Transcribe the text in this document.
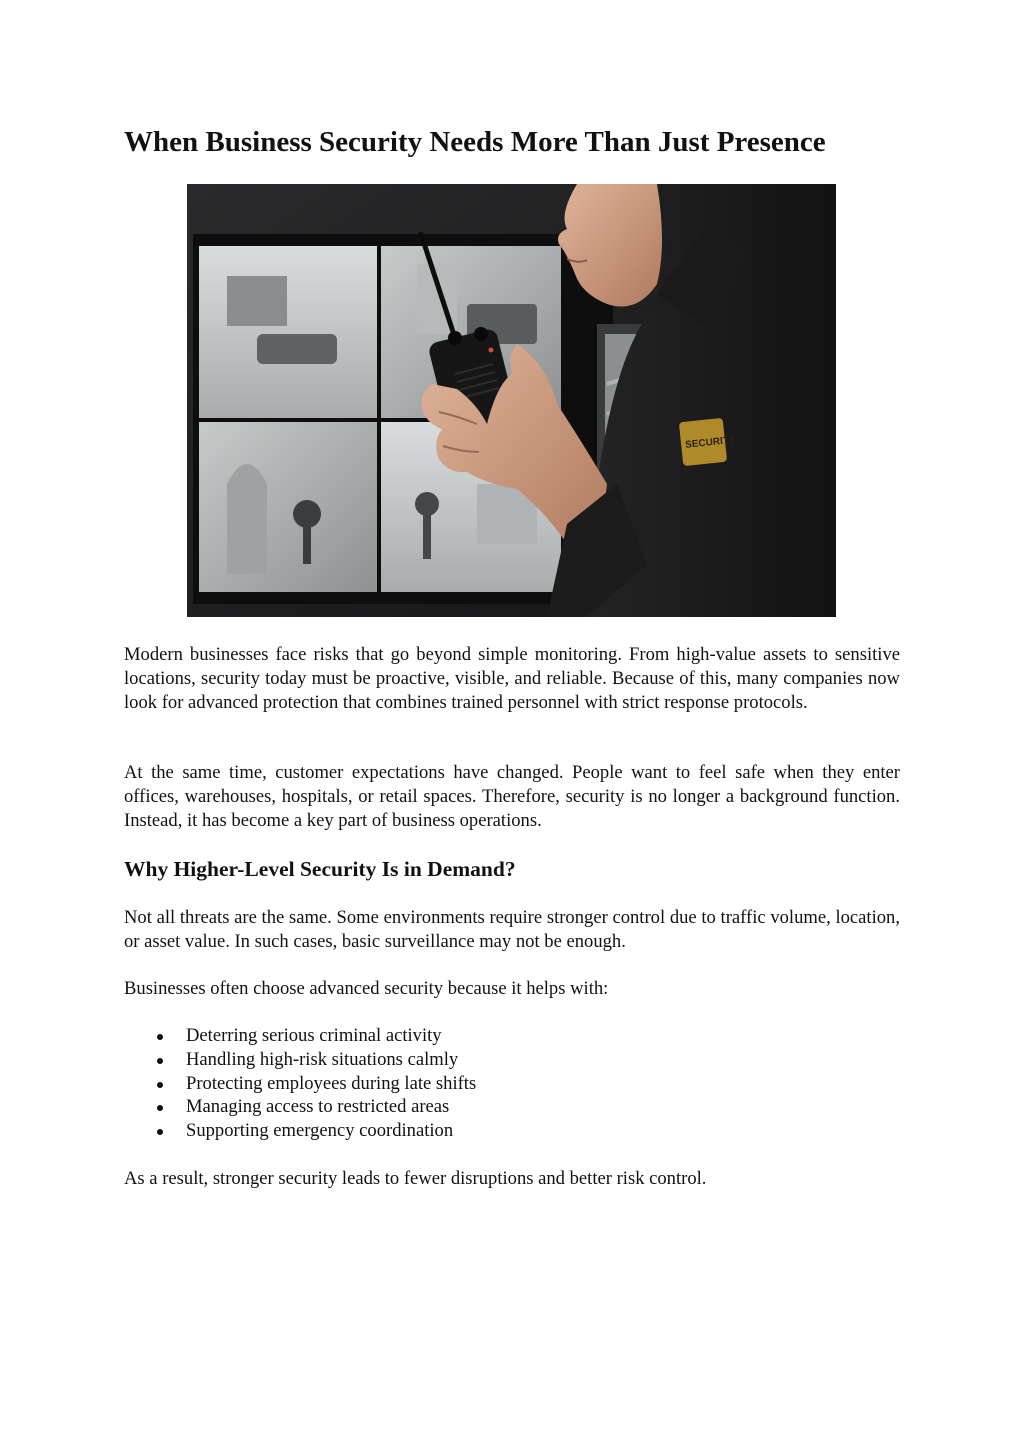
When Business Security Needs More Than Just Presence
SECURITY

Modern businesses face risks that go beyond simple monitoring. From high-value assets to sensitive locations, security today must be proactive, visible, and reliable. Because of this, many companies now look for advanced protection that combines trained personnel with strict response protocols.

At the same time, customer expectations have changed. People want to feel safe when they enter offices, warehouses, hospitals, or retail spaces. Therefore, security is no longer a background function. Instead, it has become a key part of business operations.

Why Higher-Level Security Is in Demand?

Not all threats are the same. Some environments require stronger control due to traffic volume, location, or asset value. In such cases, basic surveillance may not be enough.

Businesses often choose advanced security because it helps with:

Deterring serious criminal activity
Handling high-risk situations calmly
Protecting employees during late shifts
Managing access to restricted areas
Supporting emergency coordination

As a result, stronger security leads to fewer disruptions and better risk control.
